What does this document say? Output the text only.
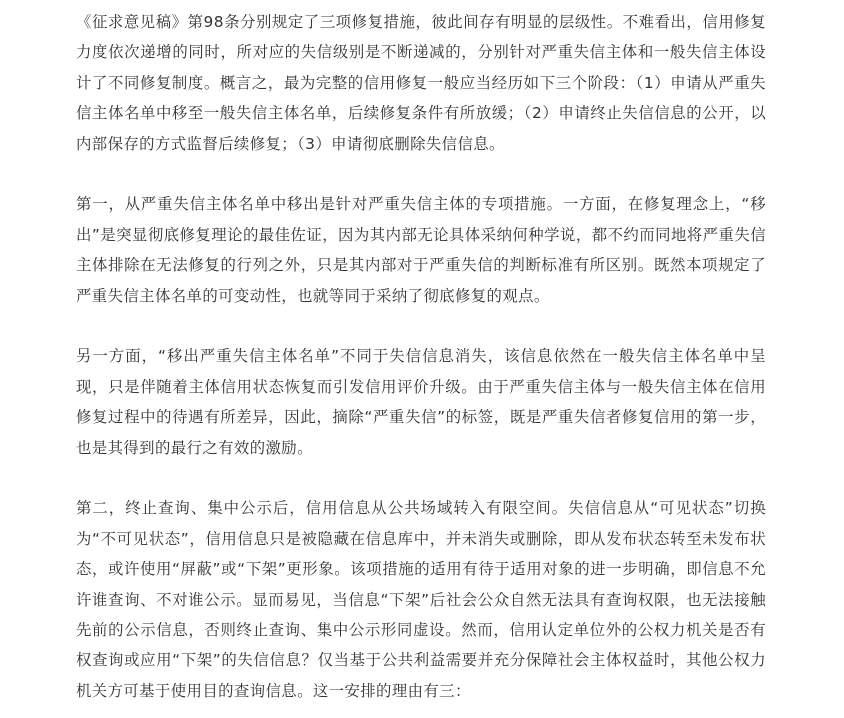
《征求意见稿》第98条分别规定了三项修复措施，彼此间存有明显的层级性。不难看出，信用修复力度依次递增的同时，所对应的失信级别是不断递减的，分别针对严重失信主体和一般失信主体设计了不同修复制度。概言之，最为完整的信用修复一般应当经历如下三个阶段：（1）申请从严重失信主体名单中移至一般失信主体名单，后续修复条件有所放缓；（2）申请终止失信信息的公开，以内部保存的方式监督后续修复；（3）申请彻底删除失信信息。

第一，从严重失信主体名单中移出是针对严重失信主体的专项措施。一方面，在修复理念上，“移出”是突显彻底修复理论的最佳佐证，因为其内部无论具体采纳何种学说，都不约而同地将严重失信主体排除在无法修复的行列之外，只是其内部对于严重失信的判断标准有所区别。既然本项规定了严重失信主体名单的可变动性，也就等同于采纳了彻底修复的观点。

另一方面，“移出严重失信主体名单”不同于失信信息消失，该信息依然在一般失信主体名单中呈现，只是伴随着主体信用状态恢复而引发信用评价升级。由于严重失信主体与一般失信主体在信用修复过程中的待遇有所差异，因此，摘除“严重失信”的标签，既是严重失信者修复信用的第一步，也是其得到的最行之有效的激励。

第二，终止查询、集中公示后，信用信息从公共场域转入有限空间。失信信息从“可见状态”切换为“不可见状态”，信用信息只是被隐藏在信息库中，并未消失或删除，即从发布状态转至未发布状态，或许使用“屏蔽”或“下架”更形象。该项措施的适用有待于适用对象的进一步明确，即信息不允许谁查询、不对谁公示。显而易见，当信息“下架”后社会公众自然无法具有查询权限，也无法接触先前的公示信息，否则终止查询、集中公示形同虚设。然而，信用认定单位外的公权力机关是否有权查询或应用“下架”的失信信息？仅当基于公共利益需要并充分保障社会主体权益时，其他公权力机关方可基于使用目的查询信息。这一安排的理由有三：
